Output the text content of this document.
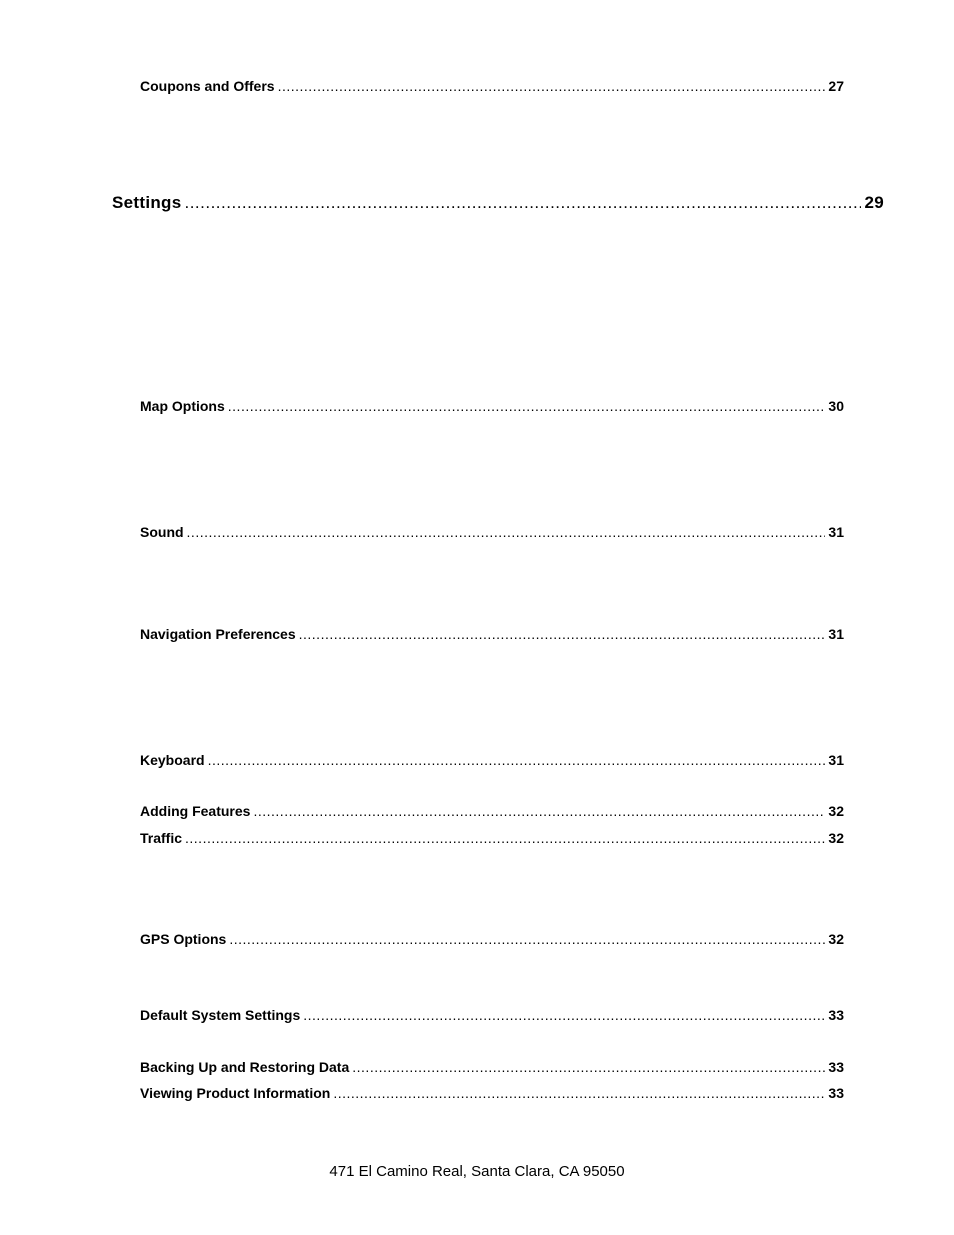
Coupons and Offers .....	27
Settings .....	29
Map Options .....	30
Sound .....	31
Navigation Preferences .....	31
Keyboard .....	31
Adding Features .....	32
Traffic .....	32
GPS Options .....	32
Default System Settings .....	33
Backing Up and Restoring Data .....	33
Viewing Product Information .....	33
471 El Camino Real, Santa Clara, CA 95050
